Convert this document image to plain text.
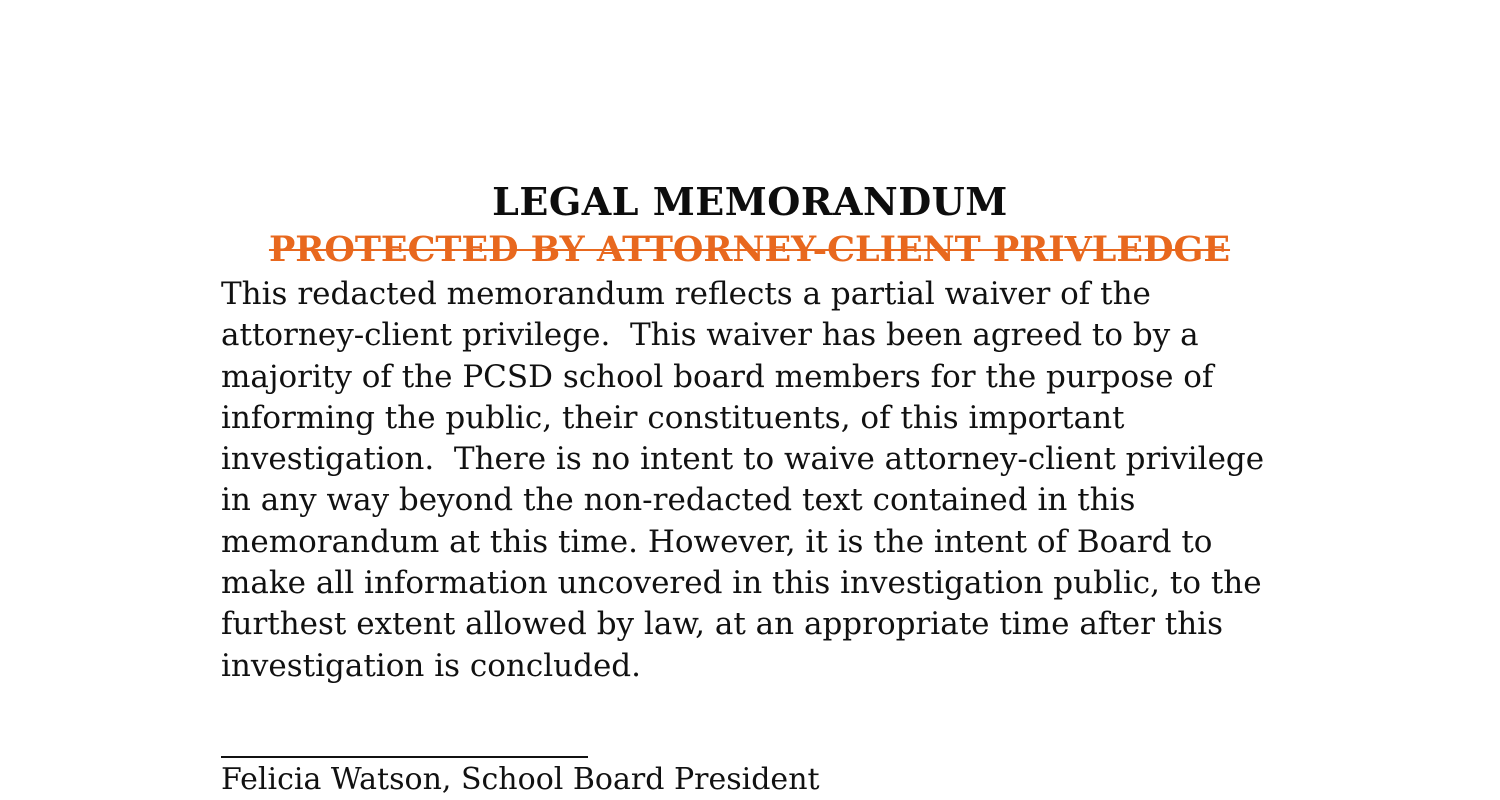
LEGAL MEMORANDUM
PROTECTED BY ATTORNEY-CLIENT PRIVLEDGE
This redacted memorandum reflects a partial waiver of the
attorney-client privilege.  This waiver has been agreed to by a
majority of the PCSD school board members for the purpose of
informing the public, their constituents, of this important
investigation.  There is no intent to waive attorney-client privilege
in any way beyond the non-redacted text contained in this
memorandum at this time. However, it is the intent of Board to
make all information uncovered in this investigation public, to the
furthest extent allowed by law, at an appropriate time after this
investigation is concluded.
Felicia Watson, School Board President
